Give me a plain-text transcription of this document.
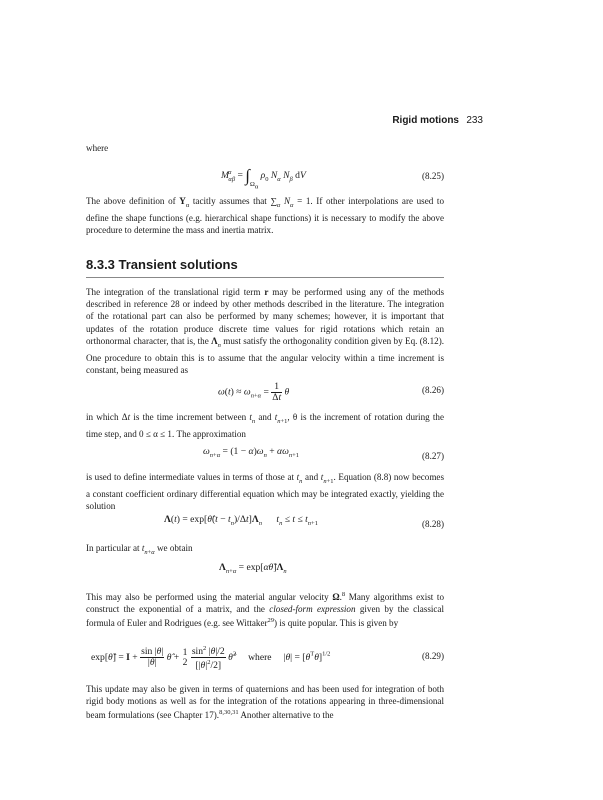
Rigid motions 233

where

$M^\alpha_{\alpha\beta} = \int_{\Omega_\alpha}$ $\rho_0$ $N_\alpha$ $N_\beta$ dV	(8.25)

The above definition of $Y_\alpha$ tacitly assumes that $\sum_\alpha$ $N_\alpha = 1$. If other interpolations are used to define the shape functions (e.g. hierarchical shape functions) it is necessary to modify the above procedure to determine the mass and inertia matrix.

8.3.3 Transient solutions

The integration of the translational rigid term r may be performed using any of the methods described in reference 28 or indeed by other methods described in the literature. The integration of the rotational part can also be performed by many schemes; however, it is important that updates of the rotation produce discrete time values for rigid rotations which retain an orthonormal character, that is, the $\Lambda_n$ must satisfy the orthogonality condition given by Eq. (8.12). One procedure to obtain this is to assume that the angular velocity within a time increment is constant, being measured as

$\omega(t) \approx \omega_{n+\alpha} = \frac{1}{\Delta t}$ θ	(8.26)

in which Δt is the time increment between $t_n$ and $t_{n+1}$, θ is the increment of rotation during the time step, and 0 ≤ α ≤ 1. The approximation

$\omega_{n+\alpha} = (1 - \alpha)\omega_n + \alpha\omega_{n+1}$	(8.27)

is used to define intermediate values in terms of those at $t_n$ and $t_{n+1}$. Equation (8.8) now becomes a constant coefficient ordinary differential equation which may be integrated exactly, yielding the solution

Λ(t) = exp[θ̂(t − $t_n)/\Delta t]\Lambda_n$ $t_n \le t \le t_{n+1}$	(8.28)

In particular at $t_{n+\alpha}$ we obtain

$\Lambda_{n+\alpha}$ = $\exp[\alpha\thetâ]\Lambda_n$

This may also be performed using the material angular velocity Ω.$^8$ Many algorithms exist to construct the exponential of a matrix, and the closed-form expression given by the classical formula of Euler and Rodrigues (e.g. see Wittaker$^{29}$) is quite popular. This is given by

exp[θ̂] = $I + \frac{\sin |\theta|}{|\theta|}$ θ̂ + 1
2
$\frac{\sin^2 |\theta|/2}{[|\theta|^2/2]}$ θ̂$^2$ where     $|\theta| = [\theta^T\theta]^{1/2}$	(8.29)

This update may also be given in terms of quaternions and has been used for integration of both rigid body motions as well as for the integration of the rotations appearing in three-dimensional beam formulations (see Chapter 17).$^{8,30,31}$ Another alternative to the
